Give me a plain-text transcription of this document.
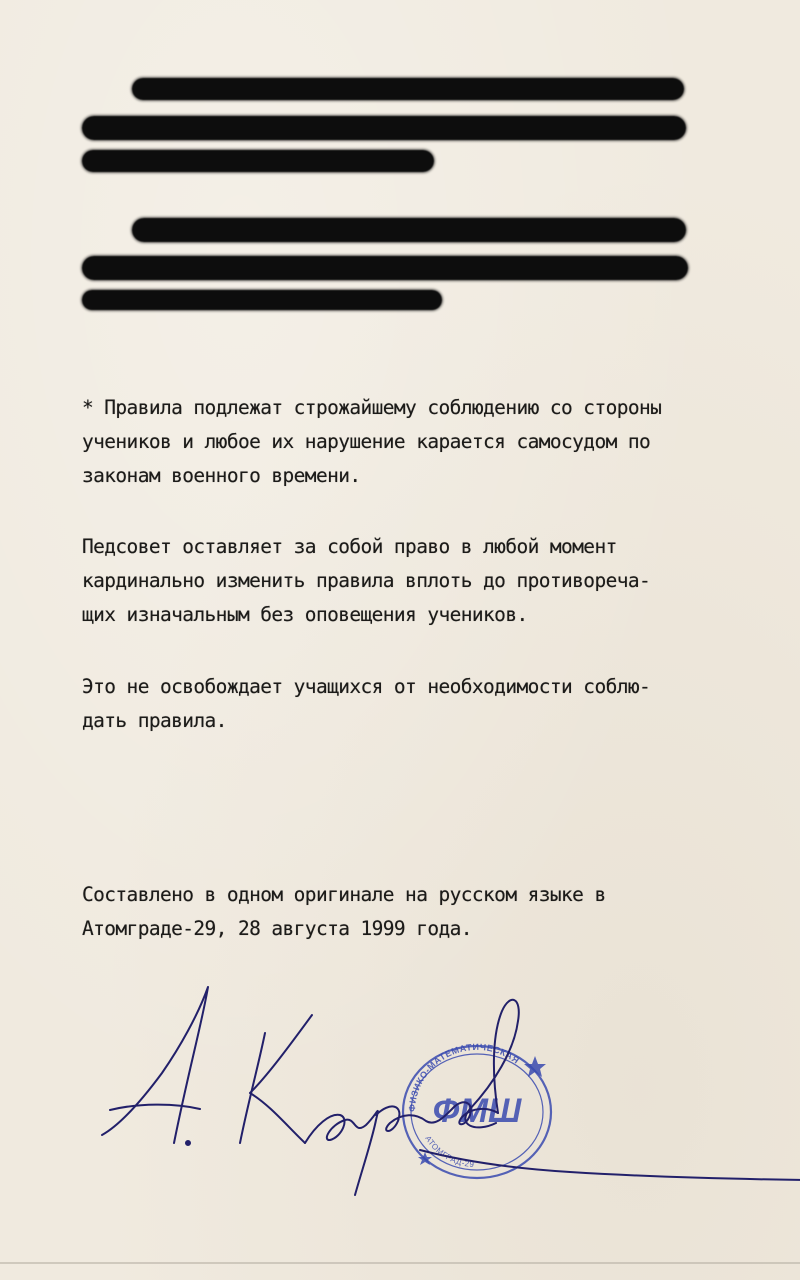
* Правила подлежат строжайшему соблюдению со стороны

учеников и любое их нарушение карается самосудом по

законам военного времени.

Педсовет оставляет за собой право в любой момент

кардинально изменить правила вплоть до противореча-

щих изначальным без оповещения учеников.

Это не освобождает учащихся от необходимости соблю-

дать правила.

Составлено в одном оригинале на русском языке в

Атомграде-29, 28 августа 1999 года.

ФИЗИКО-МАТЕМАТИЧЕСКАЯ
АТОМГРАД-29
ФМШ
